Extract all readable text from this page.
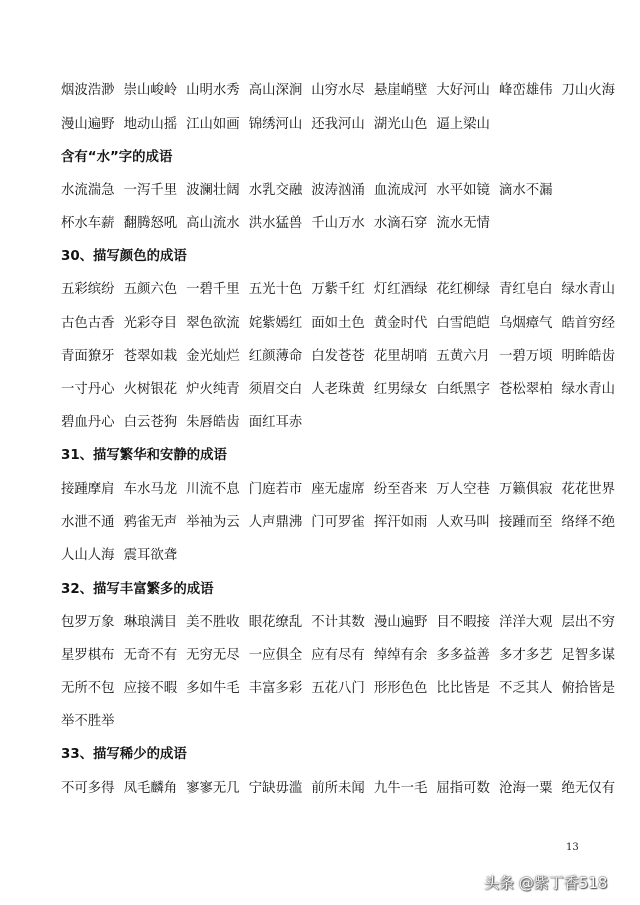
烟波浩渺 崇山峻岭 山明水秀 高山深涧 山穷水尽 悬崖峭壁 大好河山 峰峦雄伟 刀山火海
漫山遍野 地动山摇 江山如画 锦绣河山 还我河山 湖光山色 逼上梁山
含有“水”字的成语
水流湍急 一泻千里 波澜壮阔 水乳交融 波涛汹涌 血流成河 水平如镜 滴水不漏
杯水车薪 翻腾怒吼 高山流水 洪水猛兽 千山万水 水滴石穿 流水无情
30、描写颜色的成语
五彩缤纷 五颜六色 一碧千里 五光十色 万紫千红 灯红酒绿 花红柳绿 青红皂白 绿水青山
古色古香 光彩夺目 翠色欲流 姹紫嫣红 面如土色 黄金时代 白雪皑皑 乌烟瘴气 皓首穷经
青面獠牙 苍翠如栽 金光灿烂 红颜薄命 白发苍苍 花里胡哨 五黄六月 一碧万顷 明眸皓齿
一寸丹心 火树银花 炉火纯青 须眉交白 人老珠黄 红男绿女 白纸黑字 苍松翠柏 绿水青山
碧血丹心 白云苍狗 朱唇皓齿 面红耳赤
31、描写繁华和安静的成语
接踵摩肩 车水马龙 川流不息 门庭若市 座无虚席 纷至沓来 万人空巷 万籁俱寂 花花世界
水泄不通 鸦雀无声 举袖为云 人声鼎沸 门可罗雀 挥汗如雨 人欢马叫 接踵而至 络绎不绝
人山人海 震耳欲聋
32、描写丰富繁多的成语
包罗万象 琳琅满目 美不胜收 眼花缭乱 不计其数 漫山遍野 目不暇接 洋洋大观 层出不穷
星罗棋布 无奇不有 无穷无尽 一应俱全 应有尽有 绰绰有余 多多益善 多才多艺 足智多谋
无所不包 应接不暇 多如牛毛 丰富多彩 五花八门 形形色色 比比皆是 不乏其人 俯拾皆是
举不胜举
33、描写稀少的成语
不可多得 凤毛麟角 寥寥无几 宁缺毋滥 前所未闻 九牛一毛 屈指可数 沧海一粟 绝无仅有
13
头条 @紫丁香518
